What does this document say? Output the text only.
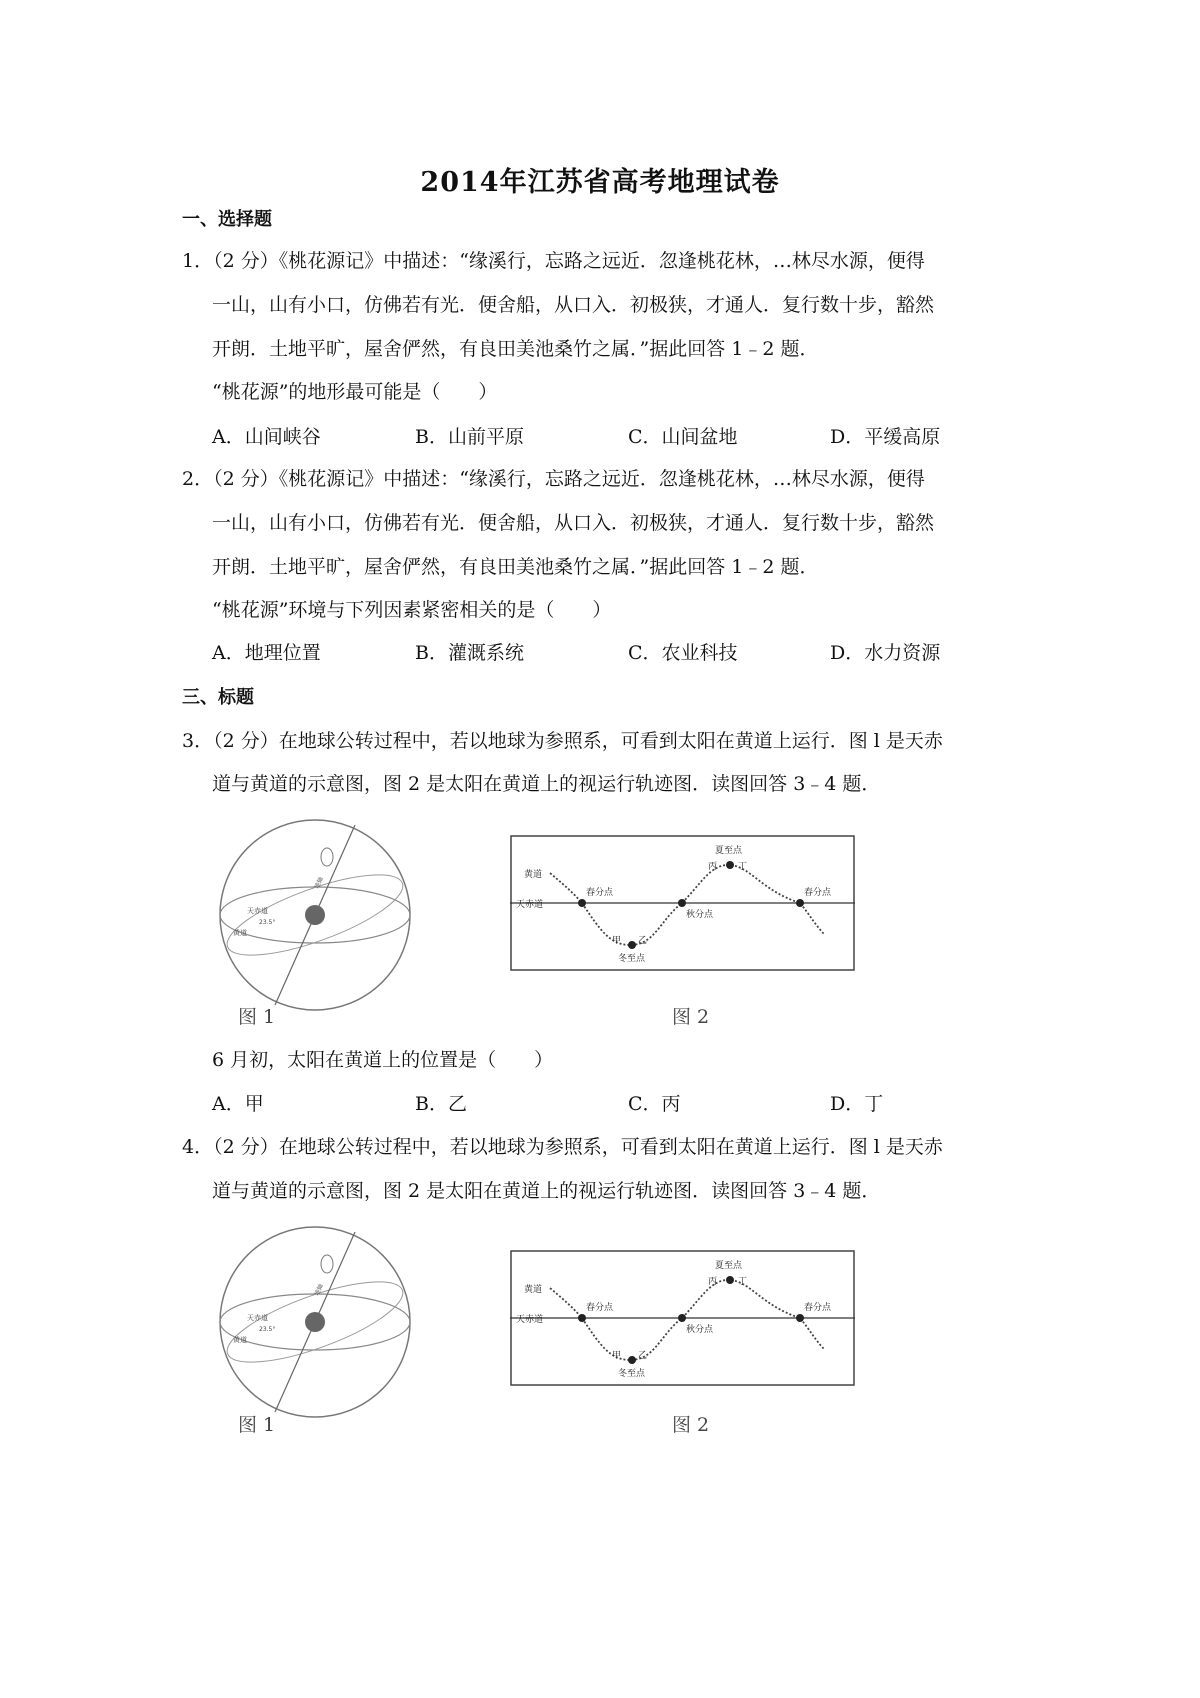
2014年江苏省高考地理试卷
一、选择题
1．（2 分）《桃花源记》中描述：“缘溪行，忘路之远近．忽逢桃花林，…林尽水源，便得
一山，山有小口，仿佛若有光．便舍船，从口入．初极狭，才通人．复行数十步，豁然
开朗．土地平旷，屋舍俨然，有良田美池桑竹之属．”据此回答 1﹣2 题．
“桃花源”的地形最可能是（　　）
A．山间峡谷	B．山前平原	C．山间盆地	D．平缓高原
2．（2 分）《桃花源记》中描述：“缘溪行，忘路之远近．忽逢桃花林，…林尽水源，便得
一山，山有小口，仿佛若有光．便舍船，从口入．初极狭，才通人．复行数十步，豁然
开朗．土地平旷，屋舍俨然，有良田美池桑竹之属．”据此回答 1﹣2 题．
“桃花源”环境与下列因素紧密相关的是（　　）
A．地理位置	B．灌溉系统	C．农业科技	D．水力资源
三、标题
3．（2 分）在地球公转过程中，若以地球为参照系，可看到太阳在黄道上运行．图 l 是天赤
道与黄道的示意图，图 2 是太阳在黄道上的视运行轨迹图．读图回答 3﹣4 题．
黄道
天赤道
23.5°
地轴
图 1
黄道
天赤道
春分点
秋分点
春分点
夏至点
冬至点
甲 乙
丙 丁
图 2
6 月初，太阳在黄道上的位置是（　　）
A．甲	B．乙	C．丙	D．丁
4．（2 分）在地球公转过程中，若以地球为参照系，可看到太阳在黄道上运行．图 l 是天赤
道与黄道的示意图，图 2 是太阳在黄道上的视运行轨迹图．读图回答 3﹣4 题．
黄道
天赤道
23.5°
地轴
图 1
黄道
天赤道
春分点
秋分点
春分点
夏至点
冬至点
甲 乙
丙 丁
图 2
